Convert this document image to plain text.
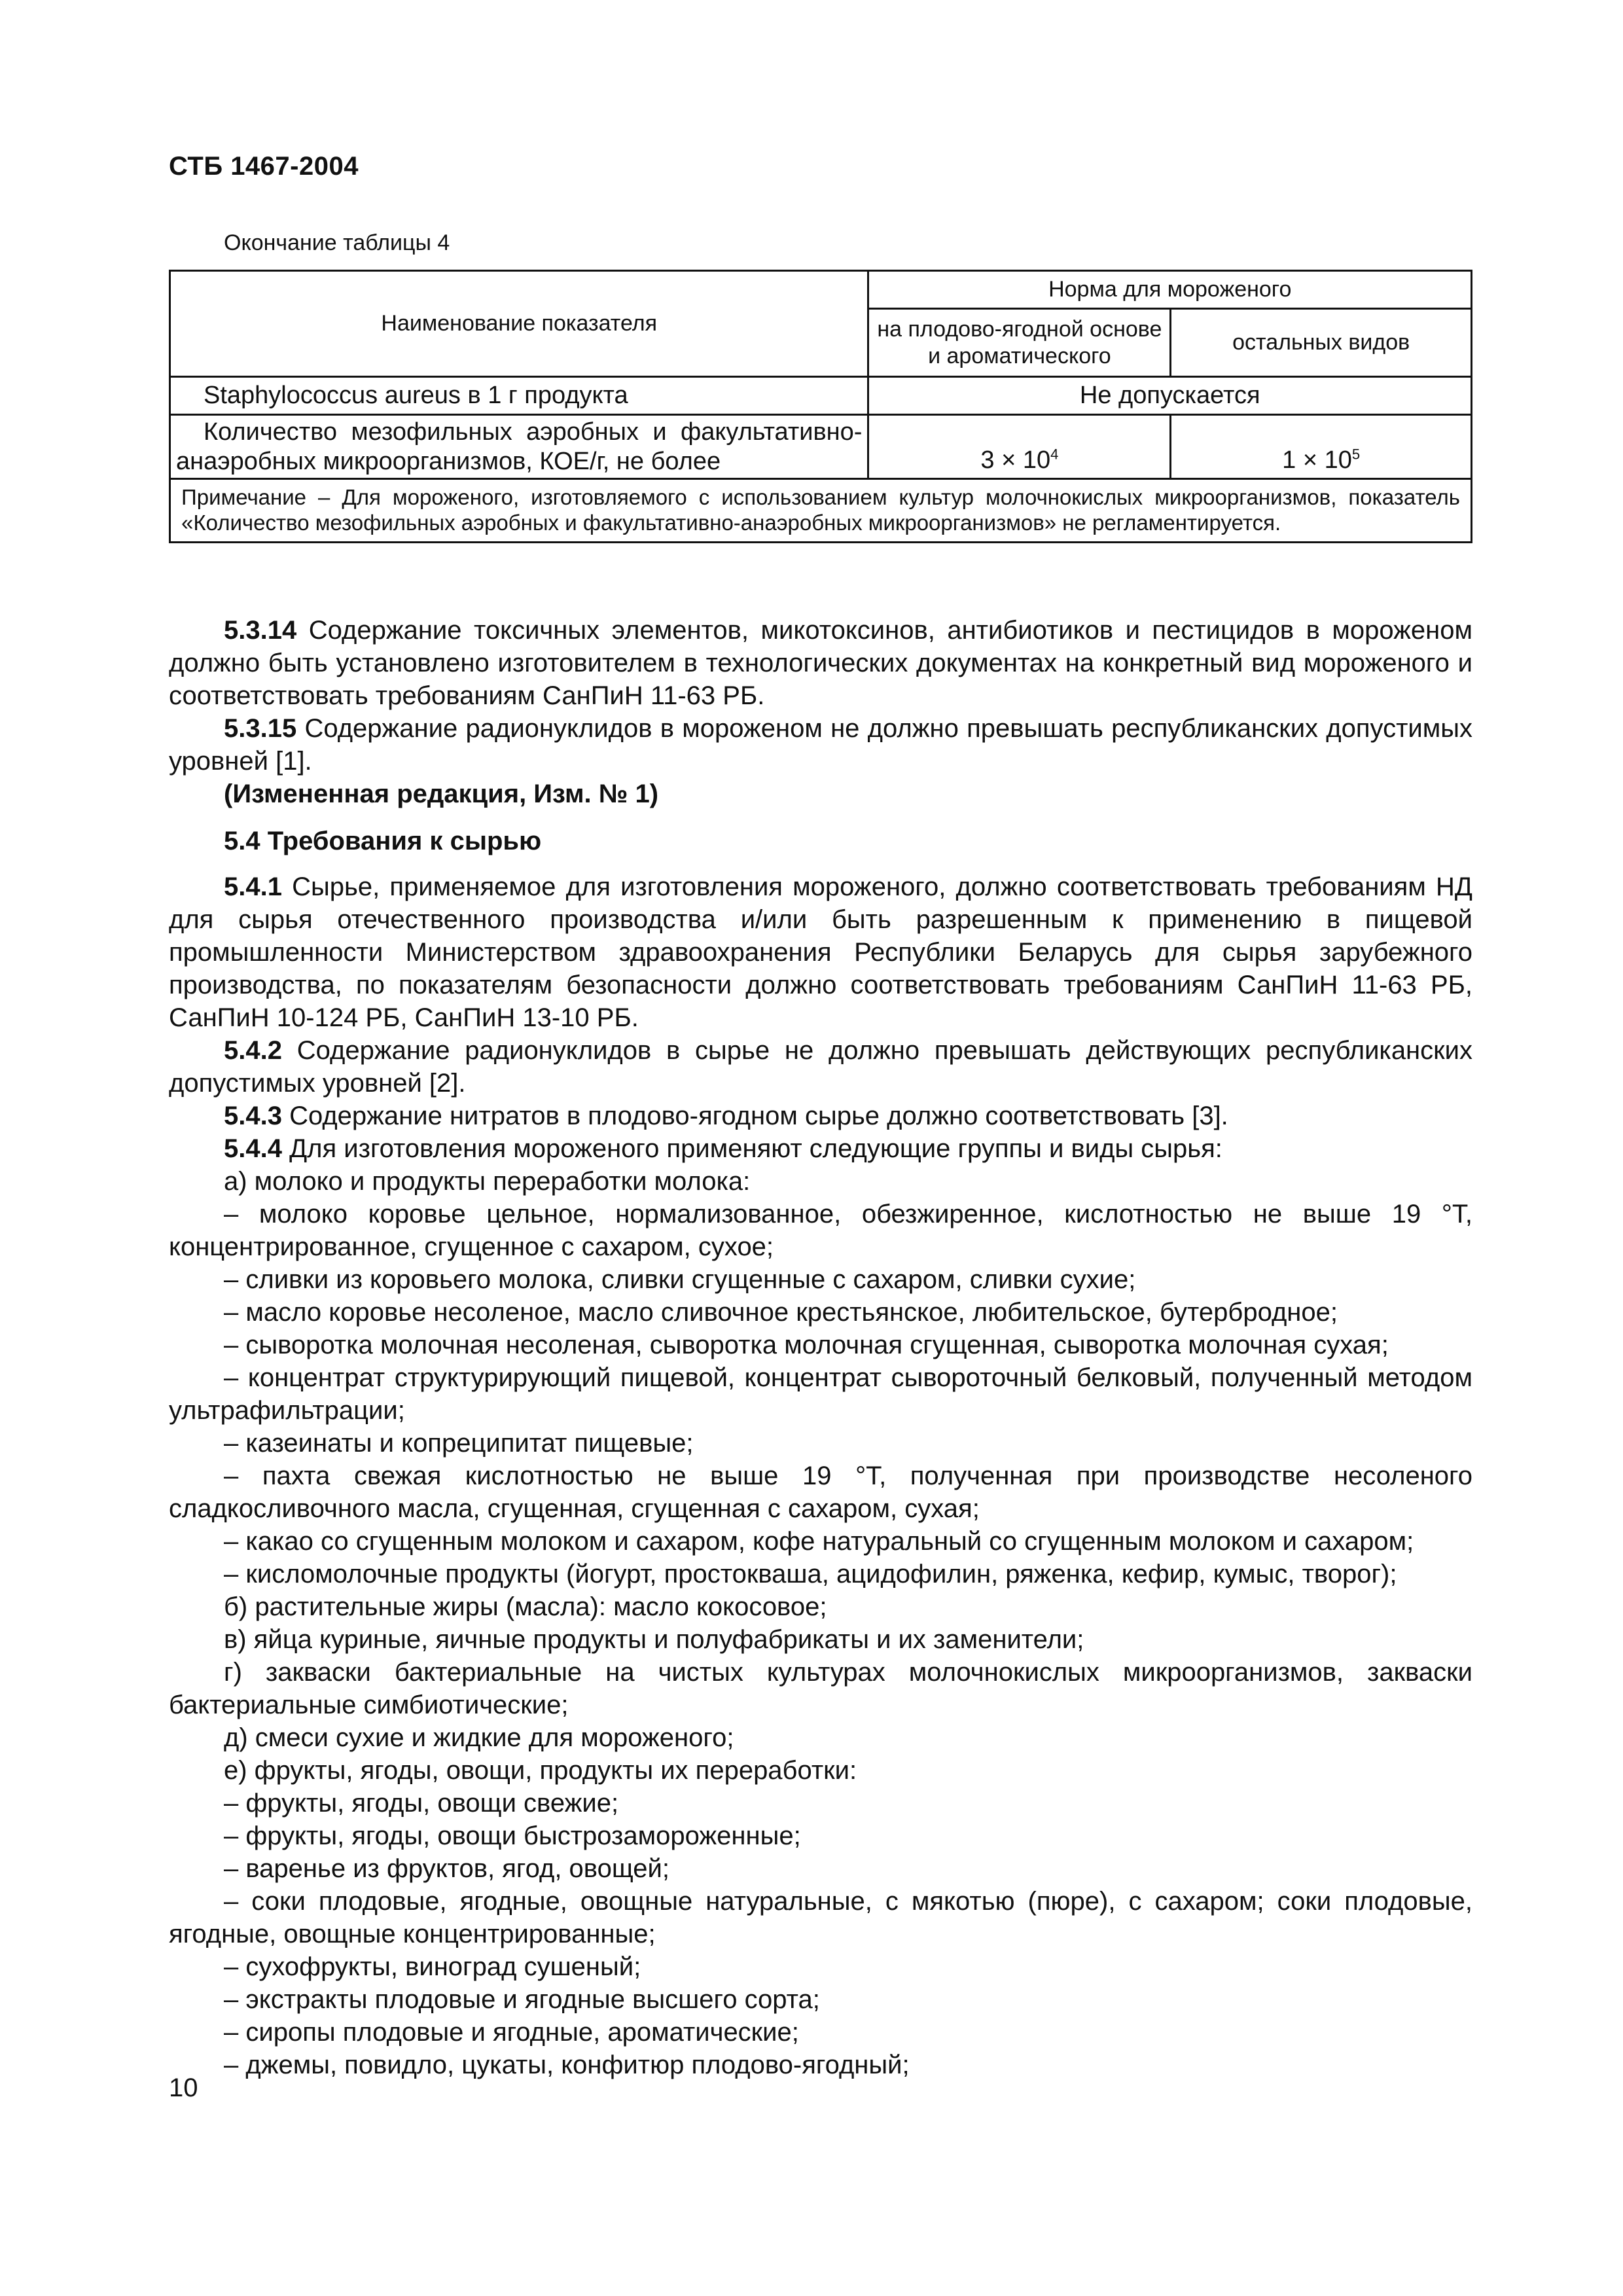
СТБ 1467-2004
Окончание таблицы 4
Наименование показателя	Норма для мороженого	
	на плодово-ягодной основе и ароматического	остальных видов
Staphylococcus aureus в 1 г продукта	Не допускается	
Количество мезофильных аэробных и факультативно-анаэробных микроорганизмов, КОЕ/г, не более	$3 \times 10^4$	$1 \times 10^5$
Примечание – Для мороженого, изготовляемого с использованием культур молочнокислых микроорганизмов, показатель «Количество мезофильных аэробных и факультативно-анаэробных микроорганизмов» не регламентируется.		

5.3.14 Содержание токсичных элементов, микотоксинов, антибиотиков и пестицидов в мороженом должно быть установлено изготовителем в технологических документах на конкретный вид мороженого и соответствовать требованиям СанПиН 11-63 РБ.

5.3.15 Содержание радионуклидов в мороженом не должно превышать республиканских допустимых уровней [1].

(Измененная редакция, Изм. № 1)

5.4 Требования к сырью

5.4.1 Сырье, применяемое для изготовления мороженого, должно соответствовать требованиям НД для сырья отечественного производства и/или быть разрешенным к применению в пищевой промышленности Министерством здравоохранения Республики Беларусь для сырья зарубежного производства, по показателям безопасности должно соответствовать требованиям СанПиН 11-63 РБ, СанПиН 10-124 РБ, СанПиН 13-10 РБ.

5.4.2 Содержание радионуклидов в сырье не должно превышать действующих республиканских допустимых уровней [2].

5.4.3 Содержание нитратов в плодово-ягодном сырье должно соответствовать [3].

5.4.4 Для изготовления мороженого применяют следующие группы и виды сырья:

а) молоко и продукты переработки молока:

– молоко коровье цельное, нормализованное, обезжиренное, кислотностью не выше 19 °Т, концентрированное, сгущенное с сахаром, сухое;

– сливки из коровьего молока, сливки сгущенные с сахаром, сливки сухие;

– масло коровье несоленое, масло сливочное крестьянское, любительское, бутербродное;

– сыворотка молочная несоленая, сыворотка молочная сгущенная, сыворотка молочная сухая;

– концентрат структурирующий пищевой, концентрат сывороточный белковый, полученный методом ультрафильтрации;

– казеинаты и копреципитат пищевые;

– пахта свежая кислотностью не выше 19 °Т, полученная при производстве несоленого сладкосливочного масла, сгущенная, сгущенная с сахаром, сухая;

– какао со сгущенным молоком и сахаром, кофе натуральный со сгущенным молоком и сахаром;

– кисломолочные продукты (йогурт, простокваша, ацидофилин, ряженка, кефир, кумыс, творог);

б) растительные жиры (масла): масло кокосовое;

в) яйца куриные, яичные продукты и полуфабрикаты и их заменители;

г) закваски бактериальные на чистых культурах молочнокислых микроорганизмов, закваски бактериальные симбиотические;

д) смеси сухие и жидкие для мороженого;

е) фрукты, ягоды, овощи, продукты их переработки:

– фрукты, ягоды, овощи свежие;

– фрукты, ягоды, овощи быстрозамороженные;

– варенье из фруктов, ягод, овощей;

– соки плодовые, ягодные, овощные натуральные, с мякотью (пюре), с сахаром; соки плодовые, ягодные, овощные концентрированные;

– сухофрукты, виноград сушеный;

– экстракты плодовые и ягодные высшего сорта;

– сиропы плодовые и ягодные, ароматические;

– джемы, повидло, цукаты, конфитюр плодово-ягодный;

10
